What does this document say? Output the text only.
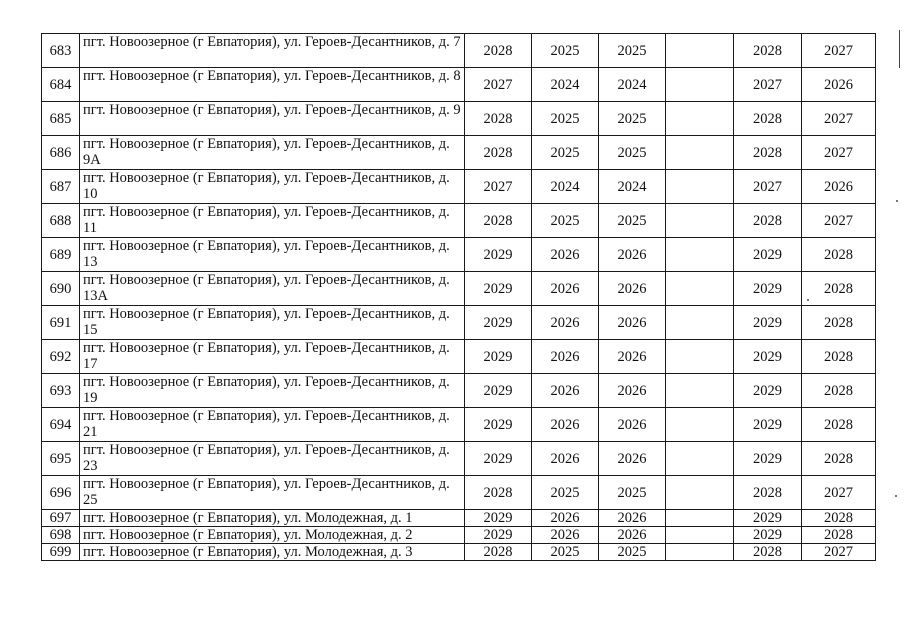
683	пгт. Новоозерное (г Евпатория), ул. Героев-Десантников, д. 7	2028	2025	2025		2028	2027
684	пгт. Новоозерное (г Евпатория), ул. Героев-Десантников, д. 8	2027	2024	2024		2027	2026
685	пгт. Новоозерное (г Евпатория), ул. Героев-Десантников, д. 9	2028	2025	2025		2028	2027
686	пгт. Новоозерное (г Евпатория), ул. Героев-Десантников, д. 9А	2028	2025	2025		2028	2027
687	пгт. Новоозерное (г Евпатория), ул. Героев-Десантников, д. 10	2027	2024	2024		2027	2026
688	пгт. Новоозерное (г Евпатория), ул. Героев-Десантников, д. 11	2028	2025	2025		2028	2027
689	пгт. Новоозерное (г Евпатория), ул. Героев-Десантников, д. 13	2029	2026	2026		2029	2028
690	пгт. Новоозерное (г Евпатория), ул. Героев-Десантников, д. 13А	2029	2026	2026		2029	2028
691	пгт. Новоозерное (г Евпатория), ул. Героев-Десантников, д. 15	2029	2026	2026		2029	2028
692	пгт. Новоозерное (г Евпатория), ул. Героев-Десантников, д. 17	2029	2026	2026		2029	2028
693	пгт. Новоозерное (г Евпатория), ул. Героев-Десантников, д. 19	2029	2026	2026		2029	2028
694	пгт. Новоозерное (г Евпатория), ул. Героев-Десантников, д. 21	2029	2026	2026		2029	2028
695	пгт. Новоозерное (г Евпатория), ул. Героев-Десантников, д. 23	2029	2026	2026		2029	2028
696	пгт. Новоозерное (г Евпатория), ул. Героев-Десантников, д. 25	2028	2025	2025		2028	2027
697	пгт. Новоозерное (г Евпатория), ул. Молодежная, д. 1	2029	2026	2026		2029	2028
698	пгт. Новоозерное (г Евпатория), ул. Молодежная, д. 2	2029	2026	2026		2029	2028
699	пгт. Новоозерное (г Евпатория), ул. Молодежная, д. 3	2028	2025	2025		2028	2027
